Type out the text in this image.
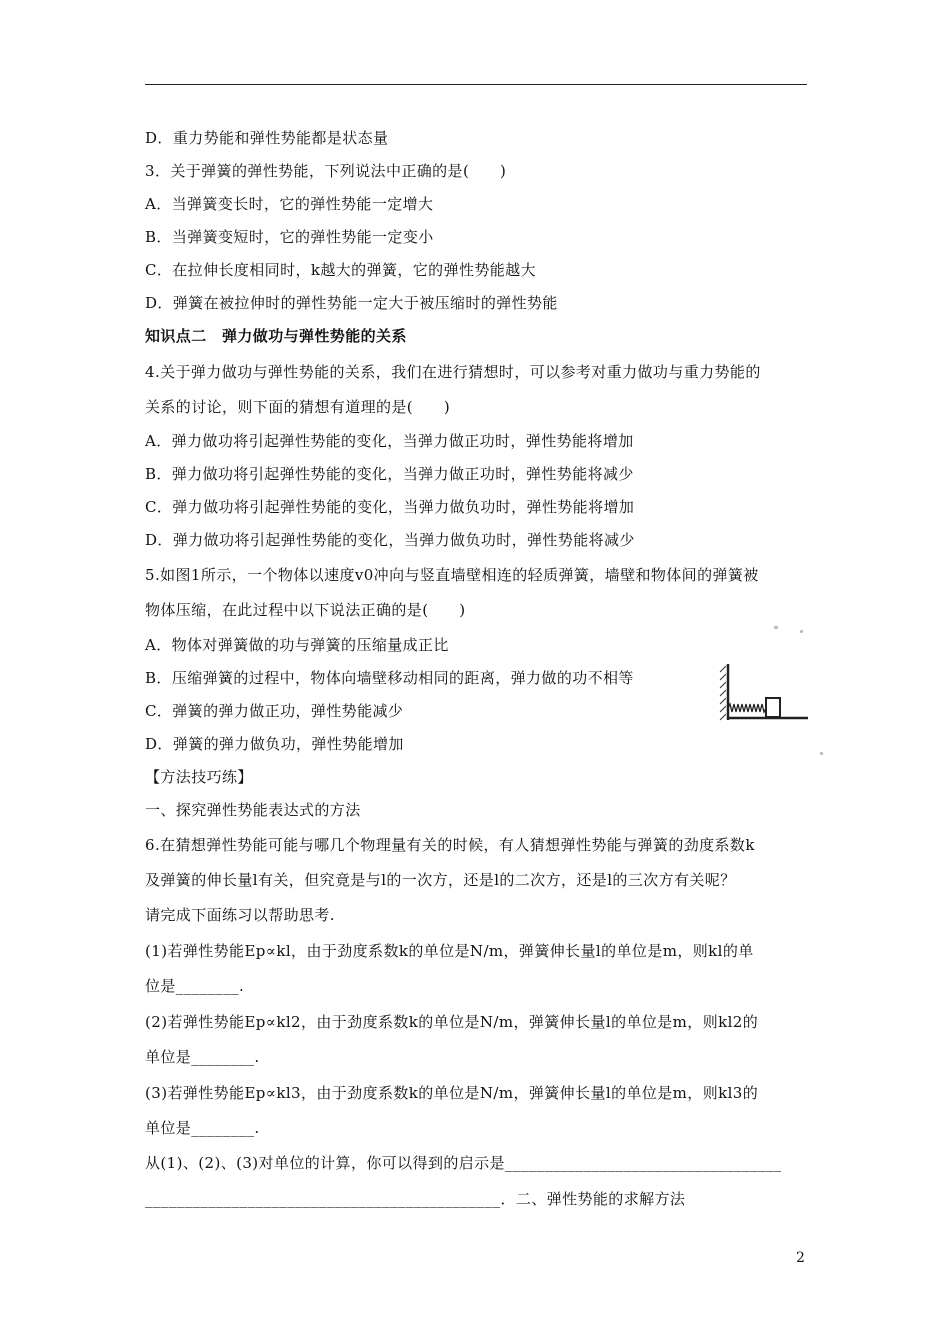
D．重力势能和弹性势能都是状态量
3．关于弹簧的弹性势能，下列说法中正确的是(　　)
A．当弹簧变长时，它的弹性势能一定增大
B．当弹簧变短时，它的弹性势能一定变小
C．在拉伸长度相同时，k越大的弹簧，它的弹性势能越大
D．弹簧在被拉伸时的弹性势能一定大于被压缩时的弹性势能
知识点二　弹力做功与弹性势能的关系
4.关于弹力做功与弹性势能的关系，我们在进行猜想时，可以参考对重力做功与重力势能的
关系的讨论，则下面的猜想有道理的是(　　)
A．弹力做功将引起弹性势能的变化，当弹力做正功时，弹性势能将增加
B．弹力做功将引起弹性势能的变化，当弹力做正功时，弹性势能将减少
C．弹力做功将引起弹性势能的变化，当弹力做负功时，弹性势能将增加
D．弹力做功将引起弹性势能的变化，当弹力做负功时，弹性势能将减少
5.如图1所示，一个物体以速度v0冲向与竖直墙壁相连的轻质弹簧，墙壁和物体间的弹簧被
物体压缩，在此过程中以下说法正确的是(　　)
A．物体对弹簧做的功与弹簧的压缩量成正比
B．压缩弹簧的过程中，物体向墙壁移动相同的距离，弹力做的功不相等
C．弹簧的弹力做正功，弹性势能减少
D．弹簧的弹力做负功，弹性势能增加
【方法技巧练】
一、探究弹性势能表达式的方法
6.在猜想弹性势能可能与哪几个物理量有关的时候，有人猜想弹性势能与弹簧的劲度系数k
及弹簧的伸长量l有关，但究竟是与l的一次方，还是l的二次方，还是l的三次方有关呢？
请完成下面练习以帮助思考.
(1)若弹性势能Ep∝kl，由于劲度系数k的单位是N/m，弹簧伸长量l的单位是m，则kl的单
位是________.
(2)若弹性势能Ep∝kl2，由于劲度系数k的单位是N/m，弹簧伸长量l的单位是m，则kl2的
单位是________.
(3)若弹性势能Ep∝kl3，由于劲度系数k的单位是N/m，弹簧伸长量l的单位是m，则kl3的
单位是________.
从(1)、(2)、(3)对单位的计算，你可以得到的启示是___________________________________
_____________________________________________．二、弹性势能的求解方法
2
